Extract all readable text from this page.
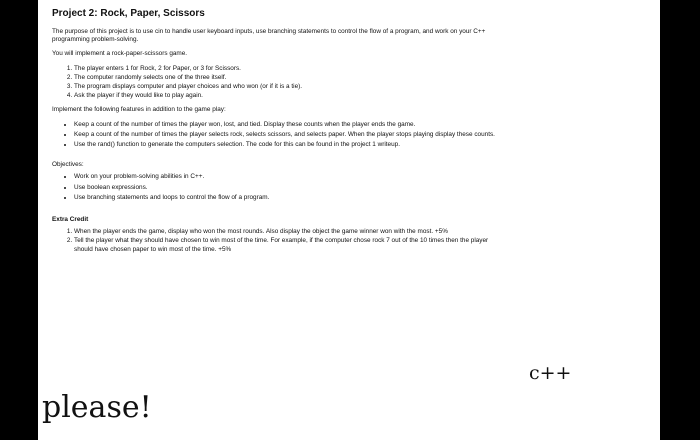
Project 2: Rock, Paper, Scissors

The purpose of this project is to use cin to handle user keyboard inputs, use branching statements to control the flow of a program, and work on your C++ programming problem-solving.

You will implement a rock-paper-scissors game.

1. The player enters 1 for Rock, 2 for Paper, or 3 for Scissors.
2. The computer randomly selects one of the three itself.
3. The program displays computer and player choices and who won (or if it is a tie).
4. Ask the player if they would like to play again.

Implement the following features in addition to the game play:

• Keep a count of the number of times the player won, lost, and tied. Display these counts when the player ends the game.
• Keep a count of the number of times the player selects rock, selects scissors, and selects paper. When the player stops playing display these counts.
• Use the rand() function to generate the computers selection. The code for this can be found in the project 1 writeup.

Objectives:

• Work on your problem-solving abilities in C++.
• Use boolean expressions.
• Use branching statements and loops to control the flow of a program.

Extra Credit

1. When the player ends the game, display who won the most rounds. Also display the object the game winner won with the most. +5%
2. Tell the player what they should have chosen to win most of the time. For example, if the computer chose rock 7 out of the 10 times then the player should have chosen paper to win most of the time. +5%
c++
please!
